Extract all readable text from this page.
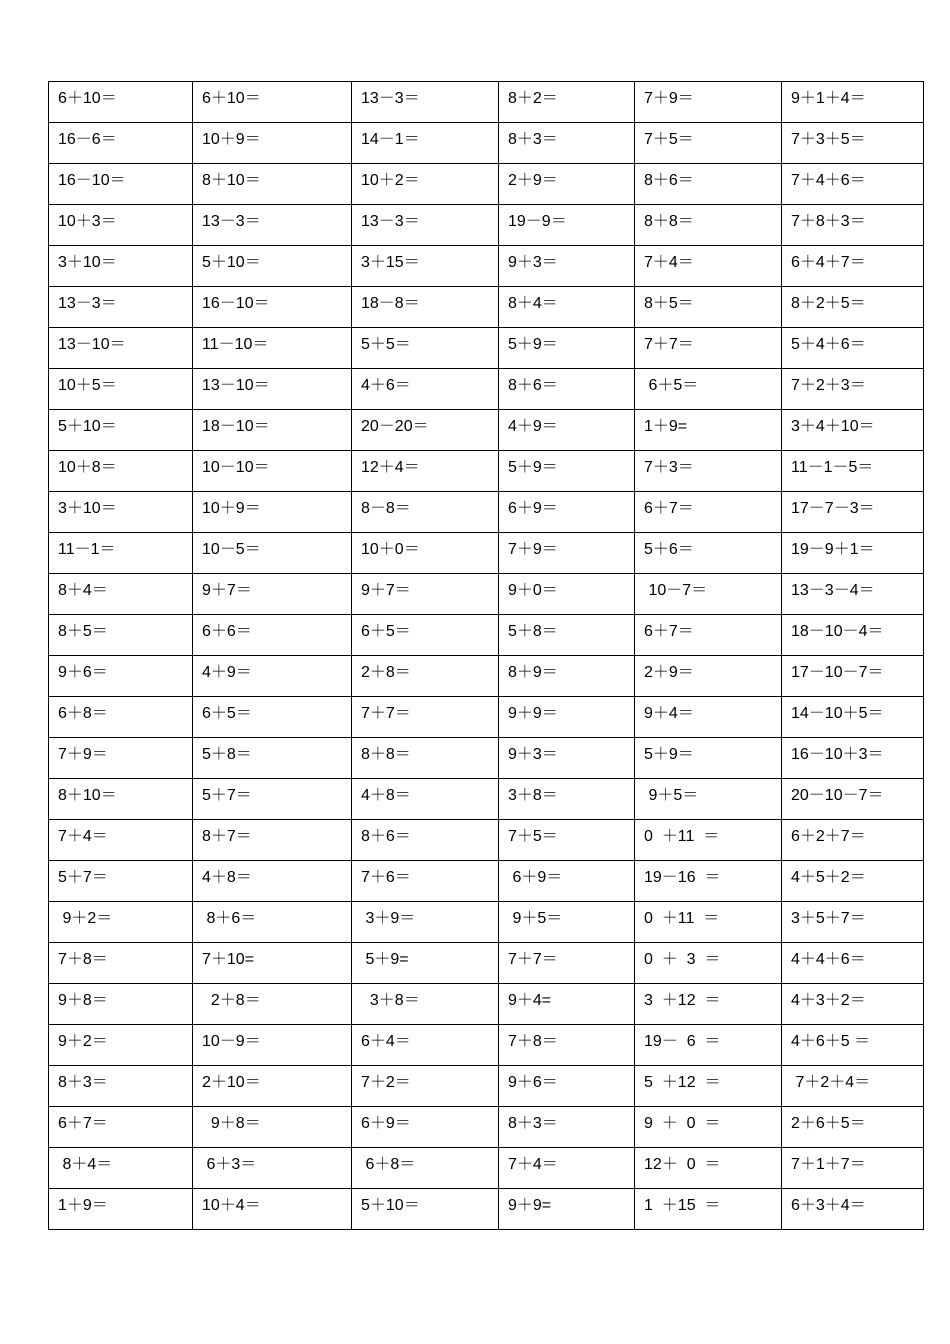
6＋10＝	6＋10＝	13－3＝	8＋2＝	7＋9＝	9＋1＋4＝
16－6＝	10＋9＝	14－1＝	8＋3＝	7＋5＝	7＋3＋5＝
16－10＝	8＋10＝	10＋2＝	2＋9＝	8＋6＝	7＋4＋6＝
10＋3＝	13－3＝	13－3＝	19－9＝	8＋8＝	7＋8＋3＝
3＋10＝	5＋10＝	3＋15＝	9＋3＝	7＋4＝	6＋4＋7＝
13－3＝	16－10＝	18－8＝	8＋4＝	8＋5＝	8＋2＋5＝
13－10＝	11－10＝	5＋5＝	5＋9＝	7＋7＝	5＋4＋6＝
10＋5＝	13－10＝	4＋6＝	8＋6＝	6＋5＝	7＋2＋3＝
5＋10＝	18－10＝	20－20＝	4＋9＝	1＋9=	3＋4＋10＝
10＋8＝	10－10＝	12＋4＝	5＋9＝	7＋3＝	11－1－5＝
3＋10＝	10＋9＝	8－8＝	6＋9＝	6＋7＝	17－7－3＝
11－1＝	10－5＝	10＋0＝	7＋9＝	5＋6＝	19－9＋1＝
8＋4＝	9＋7＝	9＋7＝	9＋0＝	10－7＝	13－3－4＝
8＋5＝	6＋6＝	6＋5＝	5＋8＝	6＋7＝	18－10－4＝
9＋6＝	4＋9＝	2＋8＝	8＋9＝	2＋9＝	17－10－7＝
6＋8＝	6＋5＝	7＋7＝	9＋9＝	9＋4＝	14－10＋5＝
7＋9＝	5＋8＝	8＋8＝	9＋3＝	5＋9＝	16－10＋3＝
8＋10＝	5＋7＝	4＋8＝	3＋8＝	9＋5＝	20－10－7＝
7＋4＝	8＋7＝	8＋6＝	7＋5＝	0  ＋11  ＝	6＋2＋7＝
5＋7＝	4＋8＝	7＋6＝	6＋9＝	19－16  ＝	4＋5＋2＝
9＋2＝	8＋6＝	3＋9＝	9＋5＝	0  ＋11  ＝	3＋5＋7＝
7＋8＝	7＋10=	5＋9=	7＋7＝	0  ＋  3  ＝	4＋4＋6＝
9＋8＝	2＋8＝	3＋8＝	9＋4=	3  ＋12  ＝	4＋3＋2＝
9＋2＝	10－9＝	6＋4＝	7＋8＝	19－  6  ＝	4＋6＋5 ＝
8＋3＝	2＋10＝	7＋2＝	9＋6＝	5  ＋12  ＝	7＋2＋4＝
6＋7＝	9＋8＝	6＋9＝	8＋3＝	9  ＋  0  ＝	2＋6＋5＝
8＋4＝	6＋3＝	6＋8＝	7＋4＝	12＋  0  ＝	7＋1＋7＝
1＋9＝	10＋4＝	5＋10＝	9＋9=	1  ＋15  ＝	6＋3＋4＝
